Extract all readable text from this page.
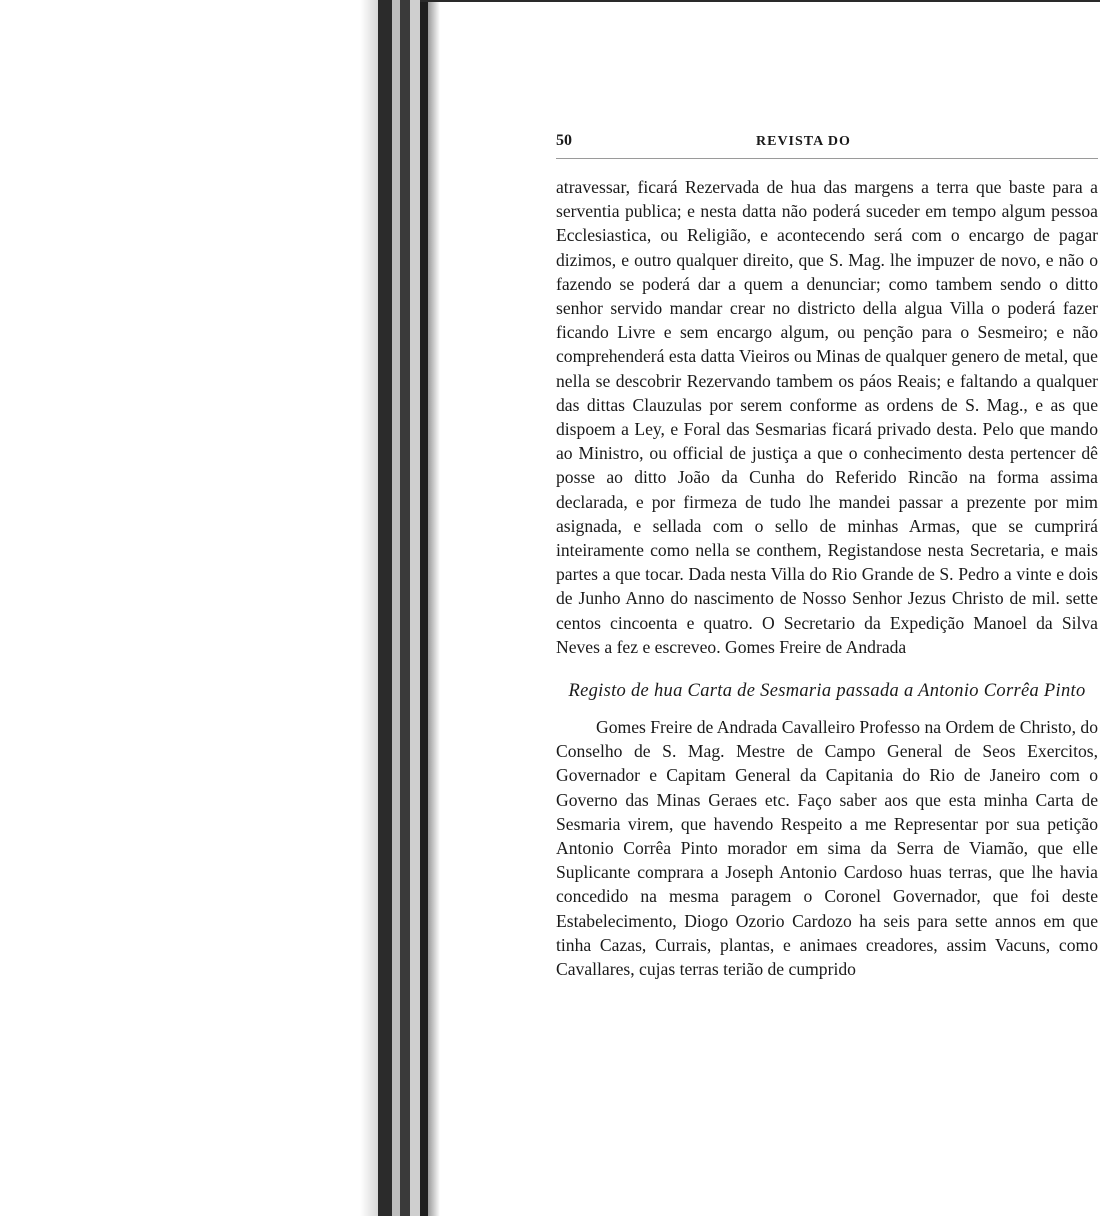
50	REVISTA DO

atravessar, ficará Rezervada de hua das margens a terra que baste para a serventia publica; e nesta datta não poderá suceder em tempo algum pessoa Ecclesiastica, ou Religião, e acontecendo será com o encargo de pagar dizimos, e outro qualquer direito, que S. Mag. lhe impuzer de novo, e não o fazendo se poderá dar a quem a denunciar; como tambem sendo o ditto senhor servido mandar crear no districto della algua Villa o poderá fazer ficando Livre e sem encargo algum, ou penção para o Sesmeiro; e não comprehenderá esta datta Vieiros ou Minas de qualquer genero de metal, que nella se descobrir Rezervando tambem os páos Reais; e faltando a qualquer das dittas Clauzulas por serem conforme as ordens de S. Mag., e as que dispoem a Ley, e Foral das Sesmarias ficará privado desta. Pelo que mando ao Ministro, ou official de justiça a que o conhecimento desta pertencer dê posse ao ditto João da Cunha do Referido Rincão na forma assima declarada, e por firmeza de tudo lhe mandei passar a prezente por mim asignada, e sellada com o sello de minhas Armas, que se cumprirá inteiramente como nella se conthem, Registandose nesta Secretaria, e mais partes a que tocar. Dada nesta Villa do Rio Grande de S. Pedro a vinte e dois de Junho Anno do nascimento de Nosso Senhor Jezus Christo de mil. sette centos cincoenta e quatro. O Secretario da Expedição Manoel da Silva Neves a fez e escreveo. Gomes Freire de Andrada

Registo de hua Carta de Sesmaria passada a Antonio Corrêa Pinto

Gomes Freire de Andrada Cavalleiro Professo na Ordem de Christo, do Conselho de S. Mag. Mestre de Campo General de Seos Exercitos, Governador e Capitam General da Capitania do Rio de Janeiro com o Governo das Minas Geraes etc. Faço saber aos que esta minha Carta de Sesmaria virem, que havendo Respeito a me Representar por sua petição Antonio Corrêa Pinto morador em sima da Serra de Viamão, que elle Suplicante comprara a Joseph Antonio Cardoso huas terras, que lhe havia concedido na mesma paragem o Coronel Governador, que foi deste Estabelecimento, Diogo Ozorio Cardozo ha seis para sette annos em que tinha Cazas, Currais, plantas, e animaes creadores, assim Vacuns, como Cavallares, cujas terras terião de cumprido
